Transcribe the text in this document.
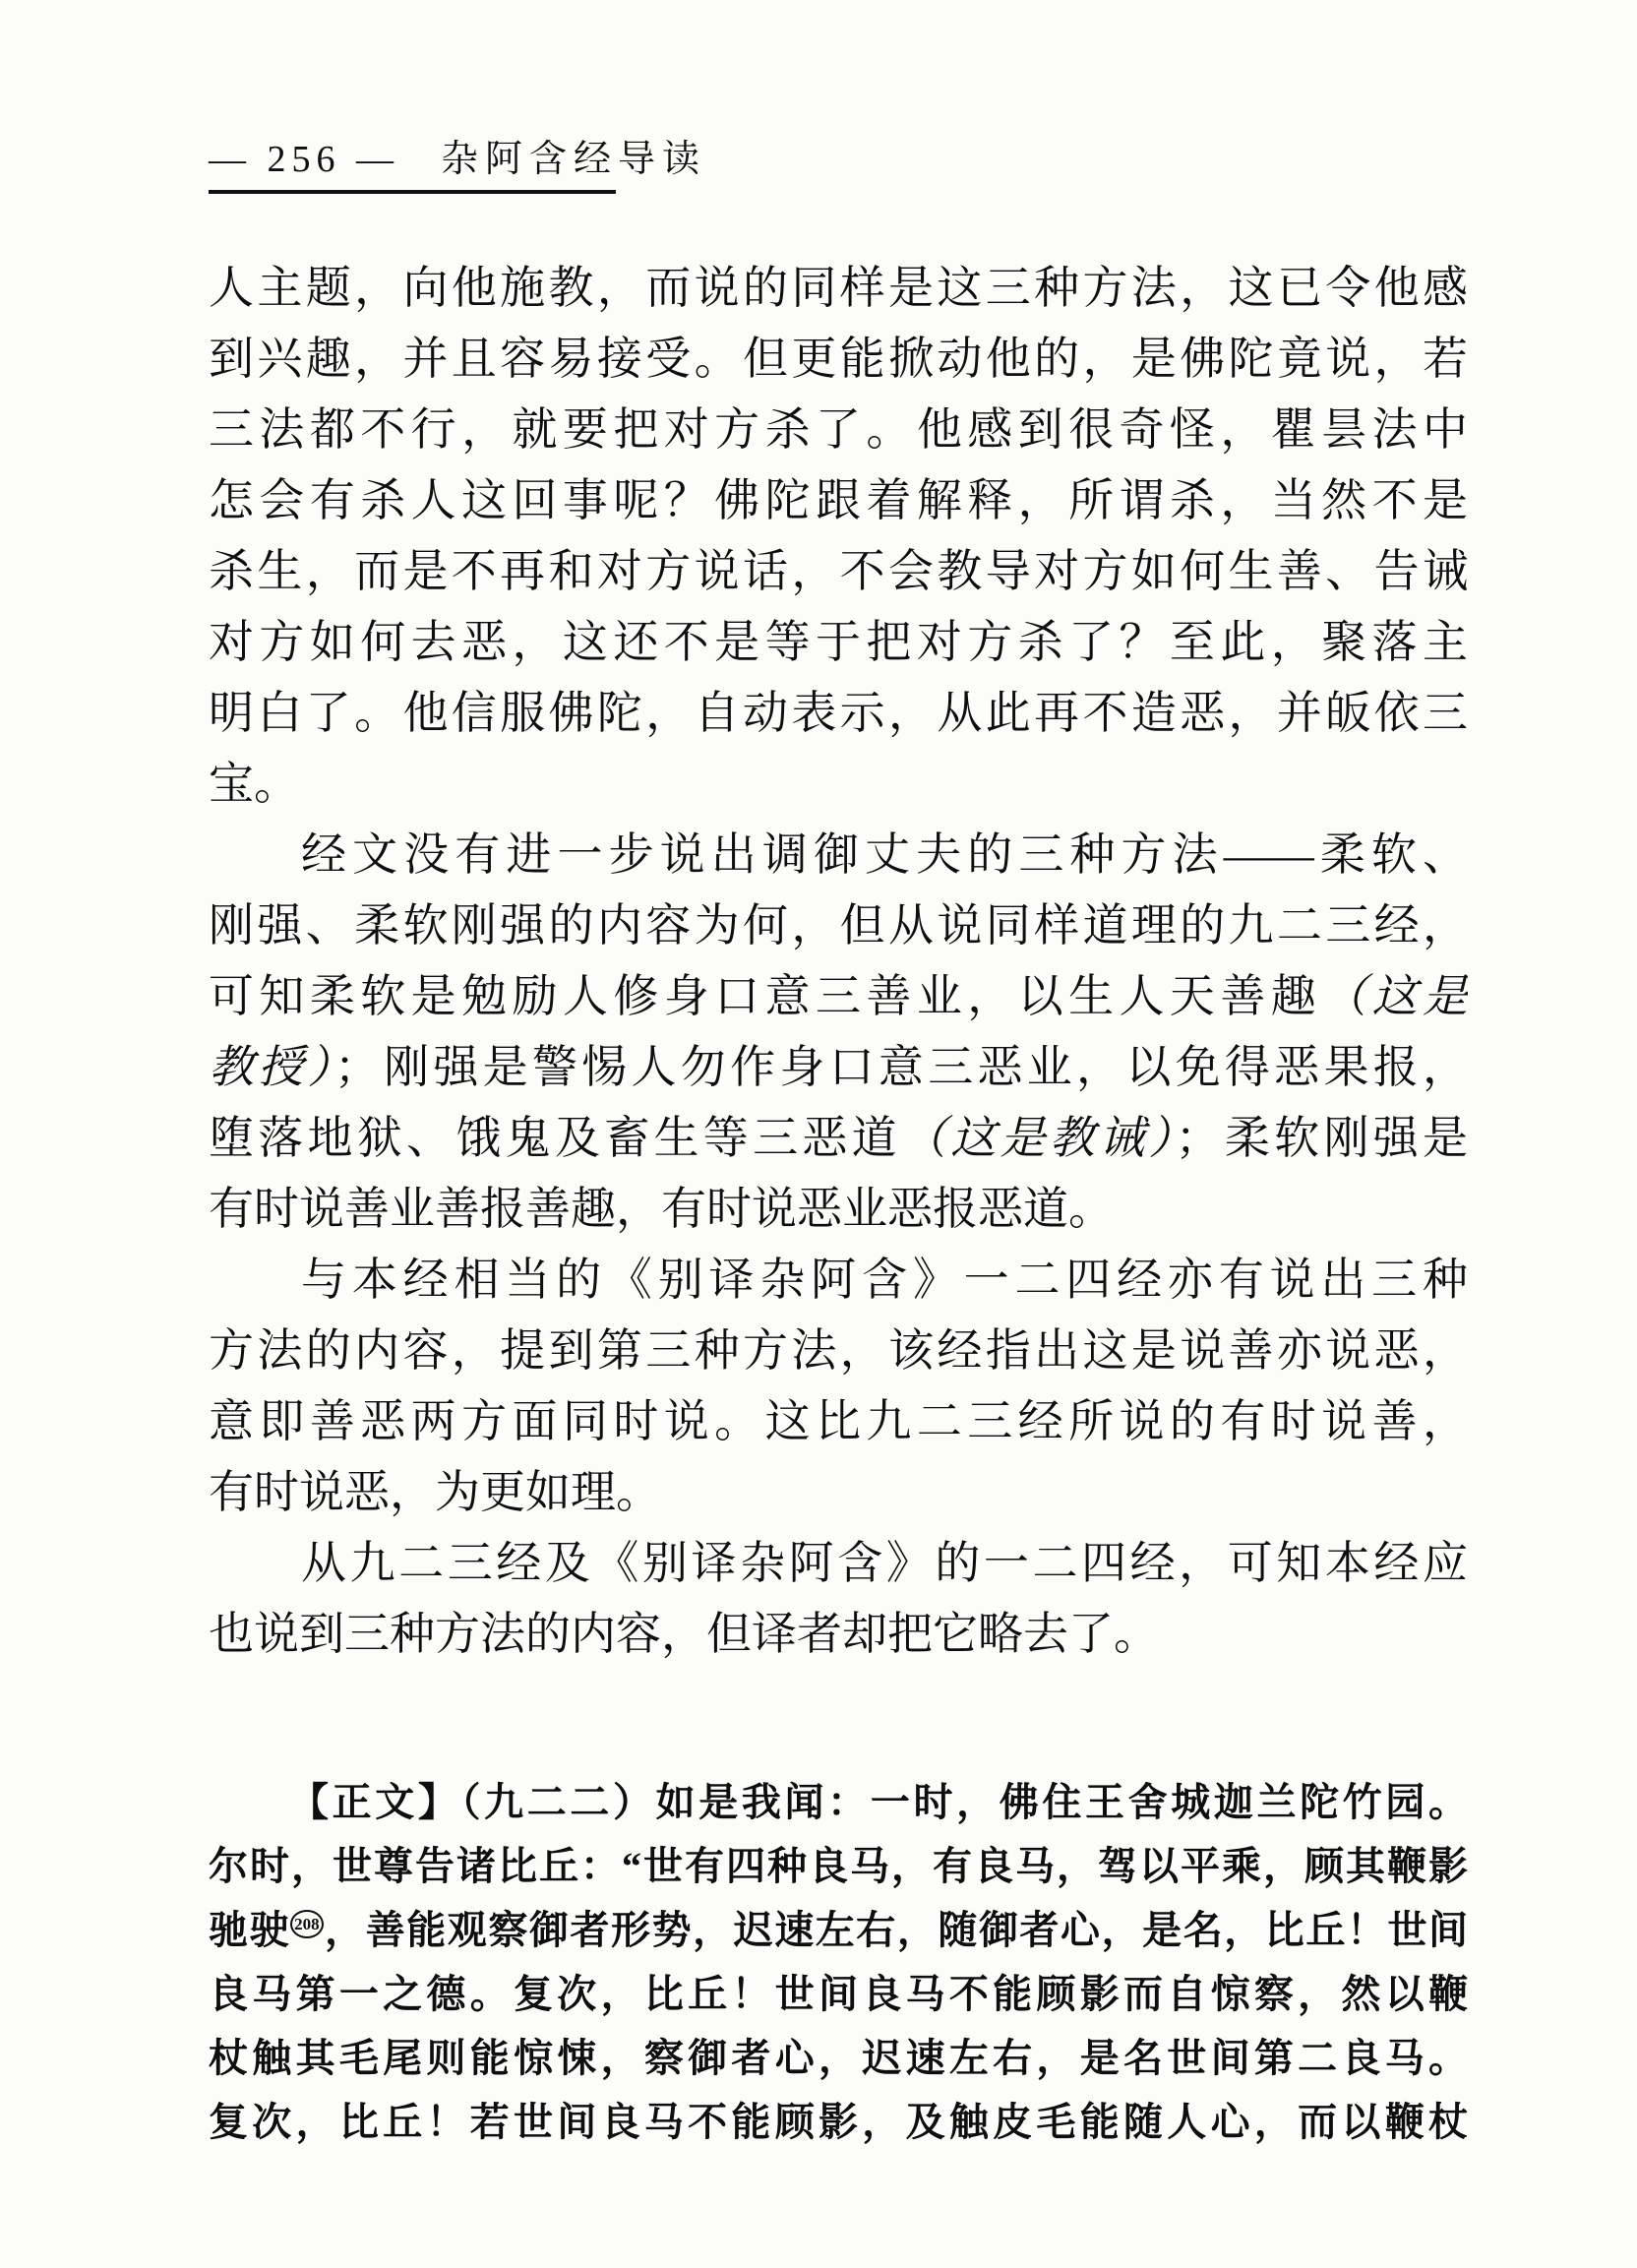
— 256 — 杂阿含经导读
人主题，向他施教，而说的同样是这三种方法，这已令他感
到兴趣，并且容易接受。但更能掀动他的，是佛陀竟说，若
三法都不行，就要把对方杀了。他感到很奇怪，瞿昙法中
怎会有杀人这回事呢？佛陀跟着解释，所谓杀，当然不是
杀生，而是不再和对方说话，不会教导对方如何生善、告诫
对方如何去恶，这还不是等于把对方杀了？至此，聚落主
明白了。他信服佛陀，自动表示，从此再不造恶，并皈依三
宝。
经文没有进一步说出调御丈夫的三种方法——柔软、
刚强、柔软刚强的内容为何，但从说同样道理的九二三经，
可知柔软是勉励人修身口意三善业，以生人天善趣（这是
教授）；刚强是警惕人勿作身口意三恶业，以免得恶果报，
堕落地狱、饿鬼及畜生等三恶道（这是教诫）；柔软刚强是
有时说善业善报善趣，有时说恶业恶报恶道。
与本经相当的《别译杂阿含》一二四经亦有说出三种
方法的内容，提到第三种方法，该经指出这是说善亦说恶，
意即善恶两方面同时说。这比九二三经所说的有时说善，
有时说恶，为更如理。
从九二三经及《别译杂阿含》的一二四经，可知本经应
也说到三种方法的内容，但译者却把它略去了。
【正文】（九二二）如是我闻：一时，佛住王舍城迦兰陀竹园。
尔时，世尊告诸比丘：“世有四种良马，有良马，驾以平乘，顾其鞭影
驰驶 208 ，善能观察御者形势，迟速左右，随御者心，是名，比丘！世间
良马第一之德。复次，比丘！世间良马不能顾影而自惊察，然以鞭
杖触其毛尾则能惊悚，察御者心，迟速左右，是名世间第二良马。
复次，比丘！若世间良马不能顾影，及触皮毛能随人心，而以鞭杖
